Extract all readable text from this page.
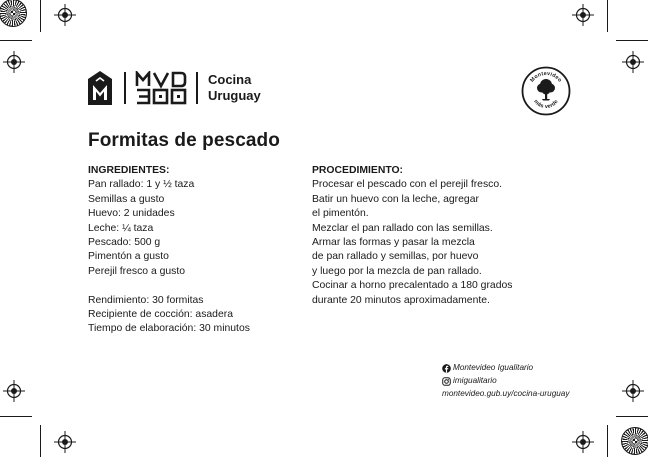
Cocina
Uruguay
Montevideo
más verde
Formitas de pescado
INGREDIENTES:
Pan rallado: 1 y ½ taza
Semillas a gusto
Huevo: 2 unidades
Leche: ¼ taza
Pescado: 500 g
Pimentón a gusto
Perejil fresco a gusto
Rendimiento: 30 formitas
Recipiente de cocción: asadera
Tiempo de elaboración: 30 minutos
PROCEDIMIENTO:
Procesar el pescado con el perejil fresco.
Batir un huevo con la leche, agregar
el pimentón.
Mezclar el pan rallado con las semillas.
Armar las formas y pasar la mezcla
de pan rallado y semillas, por huevo
y luego por la mezcla de pan rallado.
Cocinar a horno precalentado a 180 grados
durante 20 minutos aproximadamente.
Montevideo Igualitario
imigualitario
montevideo.gub.uy/cocina-uruguay
